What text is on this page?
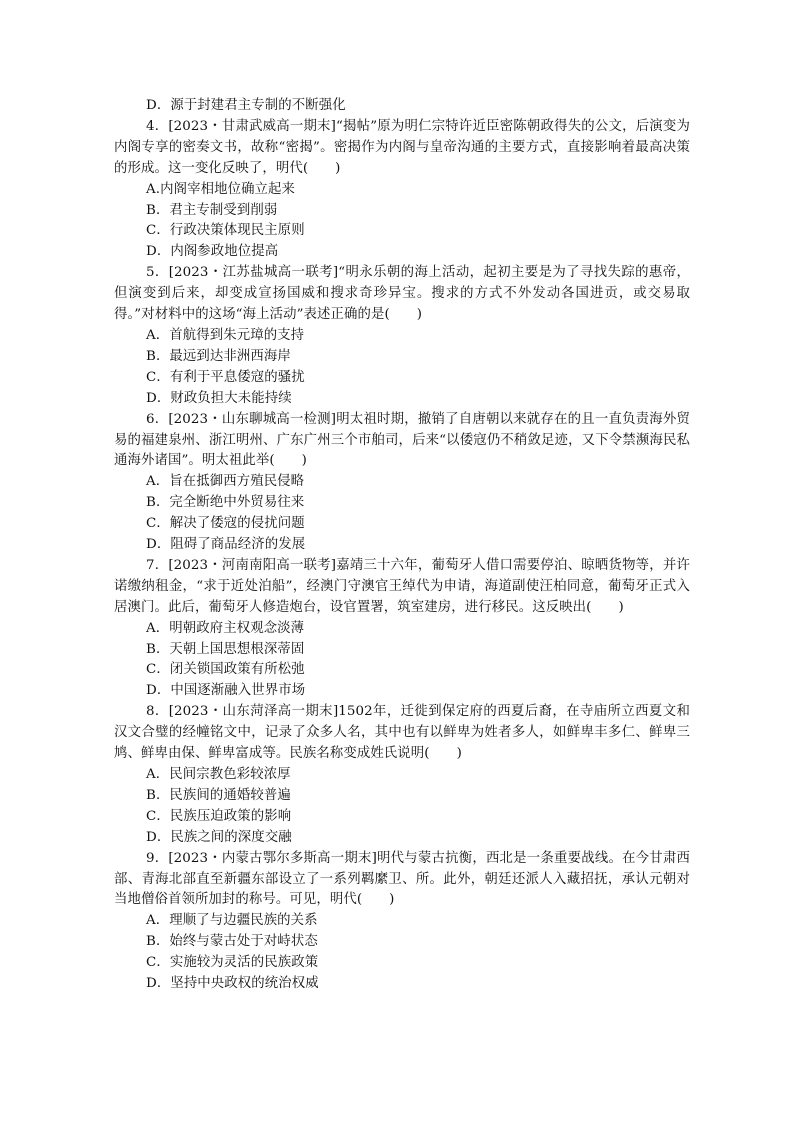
D．源于封建君主专制的不断强化
4．[2023・甘肃武威高一期末]“揭帖”原为明仁宗特许近臣密陈朝政得失的公文，后演变为内阁专享的密奏文书，故称“密揭”。密揭作为内阁与皇帝沟通的主要方式，直接影响着最高决策的形成。这一变化反映了，明代(　　)
A.内阁宰相地位确立起来
B．君主专制受到削弱
C．行政决策体现民主原则
D．内阁参政地位提高
5．[2023・江苏盐城高一联考]“明永乐朝的海上活动，起初主要是为了寻找失踪的惠帝，但演变到后来，却变成宣扬国威和搜求奇珍异宝。搜求的方式不外发动各国进贡，或交易取得。”对材料中的这场“海上活动”表述正确的是(　　)
A．首航得到朱元璋的支持
B．最远到达非洲西海岸
C．有利于平息倭寇的骚扰
D．财政负担大未能持续
6．[2023・山东聊城高一检测]明太祖时期，撤销了自唐朝以来就存在的且一直负责海外贸易的福建泉州、浙江明州、广东广州三个市舶司，后来“以倭寇仍不稍敛足迹，又下令禁濒海民私通海外诸国”。明太祖此举(　　)
A．旨在抵御西方殖民侵略
B．完全断绝中外贸易往来
C．解决了倭寇的侵扰问题
D．阻碍了商品经济的发展
7．[2023・河南南阳高一联考]嘉靖三十六年，葡萄牙人借口需要停泊、晾晒货物等，并许诺缴纳租金，“求于近处泊船”，经澳门守澳官王绰代为申请，海道副使汪柏同意，葡萄牙正式入居澳门。此后，葡萄牙人修造炮台，设官置署，筑室建房，进行移民。这反映出(　　)
A．明朝政府主权观念淡薄
B．天朝上国思想根深蒂固
C．闭关锁国政策有所松弛
D．中国逐渐融入世界市场
8．[2023・山东菏泽高一期末]1502年，迁徙到保定府的西夏后裔，在寺庙所立西夏文和汉文合璧的经幢铭文中，记录了众多人名，其中也有以鲜卑为姓者多人，如鲜卑丰多仁、鲜卑三鸠、鲜卑由保、鲜卑富成等。民族名称变成姓氏说明(　　)
A．民间宗教色彩较浓厚
B．民族间的通婚较普遍
C．民族压迫政策的影响
D．民族之间的深度交融
9．[2023・内蒙古鄂尔多斯高一期末]明代与蒙古抗衡，西北是一条重要战线。在今甘肃西部、青海北部直至新疆东部设立了一系列羁縻卫、所。此外，朝廷还派人入藏招抚，承认元朝对当地僧俗首领所加封的称号。可见，明代(　　)
A．理顺了与边疆民族的关系
B．始终与蒙古处于对峙状态
C．实施较为灵活的民族政策
D．坚持中央政权的统治权威
